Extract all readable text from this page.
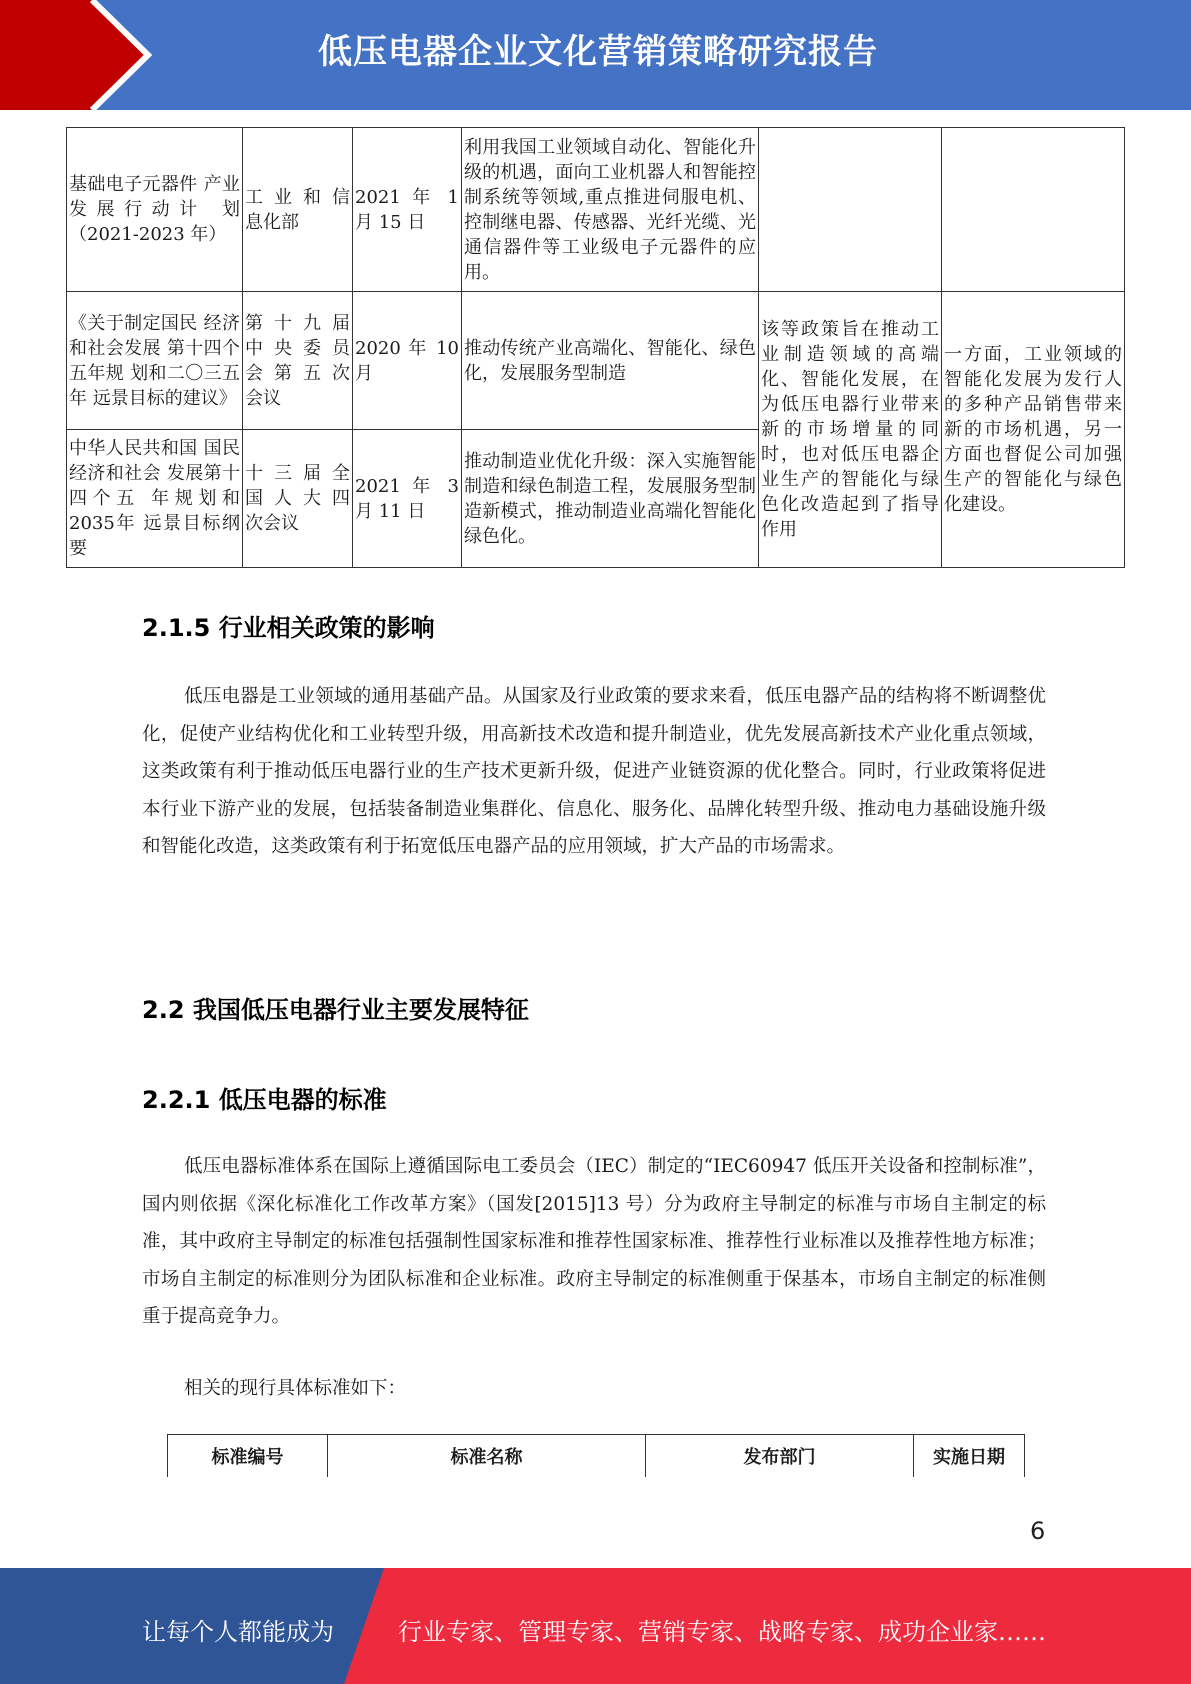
低压电器企业文化营销策略研究报告
基础电子元器件 产业发展行动计 划（2021-2023 年）	工 业 和 信息化部	2021 年 1 月 15 日	利用我国工业领域自动化、智能化升级的机遇，面向工业机器人和智能控制系统等领域,重点推进伺服电机、控制继电器、传感器、光纤光缆、光通信器件等工业级电子元器件的应用。		

《关于制定国民 经济和社会发展 第十四个五年规 划和二〇三五年 远景目标的建议》	第 十 九 届中 央 委 员会 第 五 次会议	2020 年 10 月	推动传统产业高端化、智能化、绿色化，发展服务型制造	该等政策旨在推动工业制造领域的高端化、智能化发展，在为低压电器行业带来新的市场增量的同时，也对低压电器企业生产的智能化与绿色化改造起到了指导作用	一方面，工业领域的智能化发展为发行人的多种产品销售带来新的市场机遇，另一方面也督促公司加强生产的智能化与绿色化建设。

中华人民共和国 国民经济和社会 发展第十四个五 年规划和 2035年 远景目标纲要	十 三 届 全国 人 大 四次会议	2021 年 3 月 11 日	推动制造业优化升级：深入实施智能制造和绿色制造工程，发展服务型制造新模式，推动制造业高端化智能化绿色化。		
2.1.5 行业相关政策的影响
低压电器是工业领域的通用基础产品。从国家及行业政策的要求来看，低压电器产品的结构将不断调整优化，促使产业结构优化和工业转型升级，用高新技术改造和提升制造业，优先发展高新技术产业化重点领域，这类政策有利于推动低压电器行业的生产技术更新升级，促进产业链资源的优化整合。同时，行业政策将促进本行业下游产业的发展，包括装备制造业集群化、信息化、服务化、品牌化转型升级、推动电力基础设施升级和智能化改造，这类政策有利于拓宽低压电器产品的应用领域，扩大产品的市场需求。
2.2 我国低压电器行业主要发展特征
2.2.1 低压电器的标准
低压电器标准体系在国际上遵循国际电工委员会（IEC）制定的“IEC60947 低压开关设备和控制标准”，国内则依据《深化标准化工作改革方案》（国发[2015]13 号）分为政府主导制定的标准与市场自主制定的标准，其中政府主导制定的标准包括强制性国家标准和推荐性国家标准、推荐性行业标准以及推荐性地方标准；市场自主制定的标准则分为团队标准和企业标准。政府主导制定的标准侧重于保基本，市场自主制定的标准侧重于提高竞争力。
相关的现行具体标准如下：
标准编号	标准名称	发布部门	实施日期
6
让每个人都能成为	行业专家、管理专家、营销专家、战略专家、成功企业家……
